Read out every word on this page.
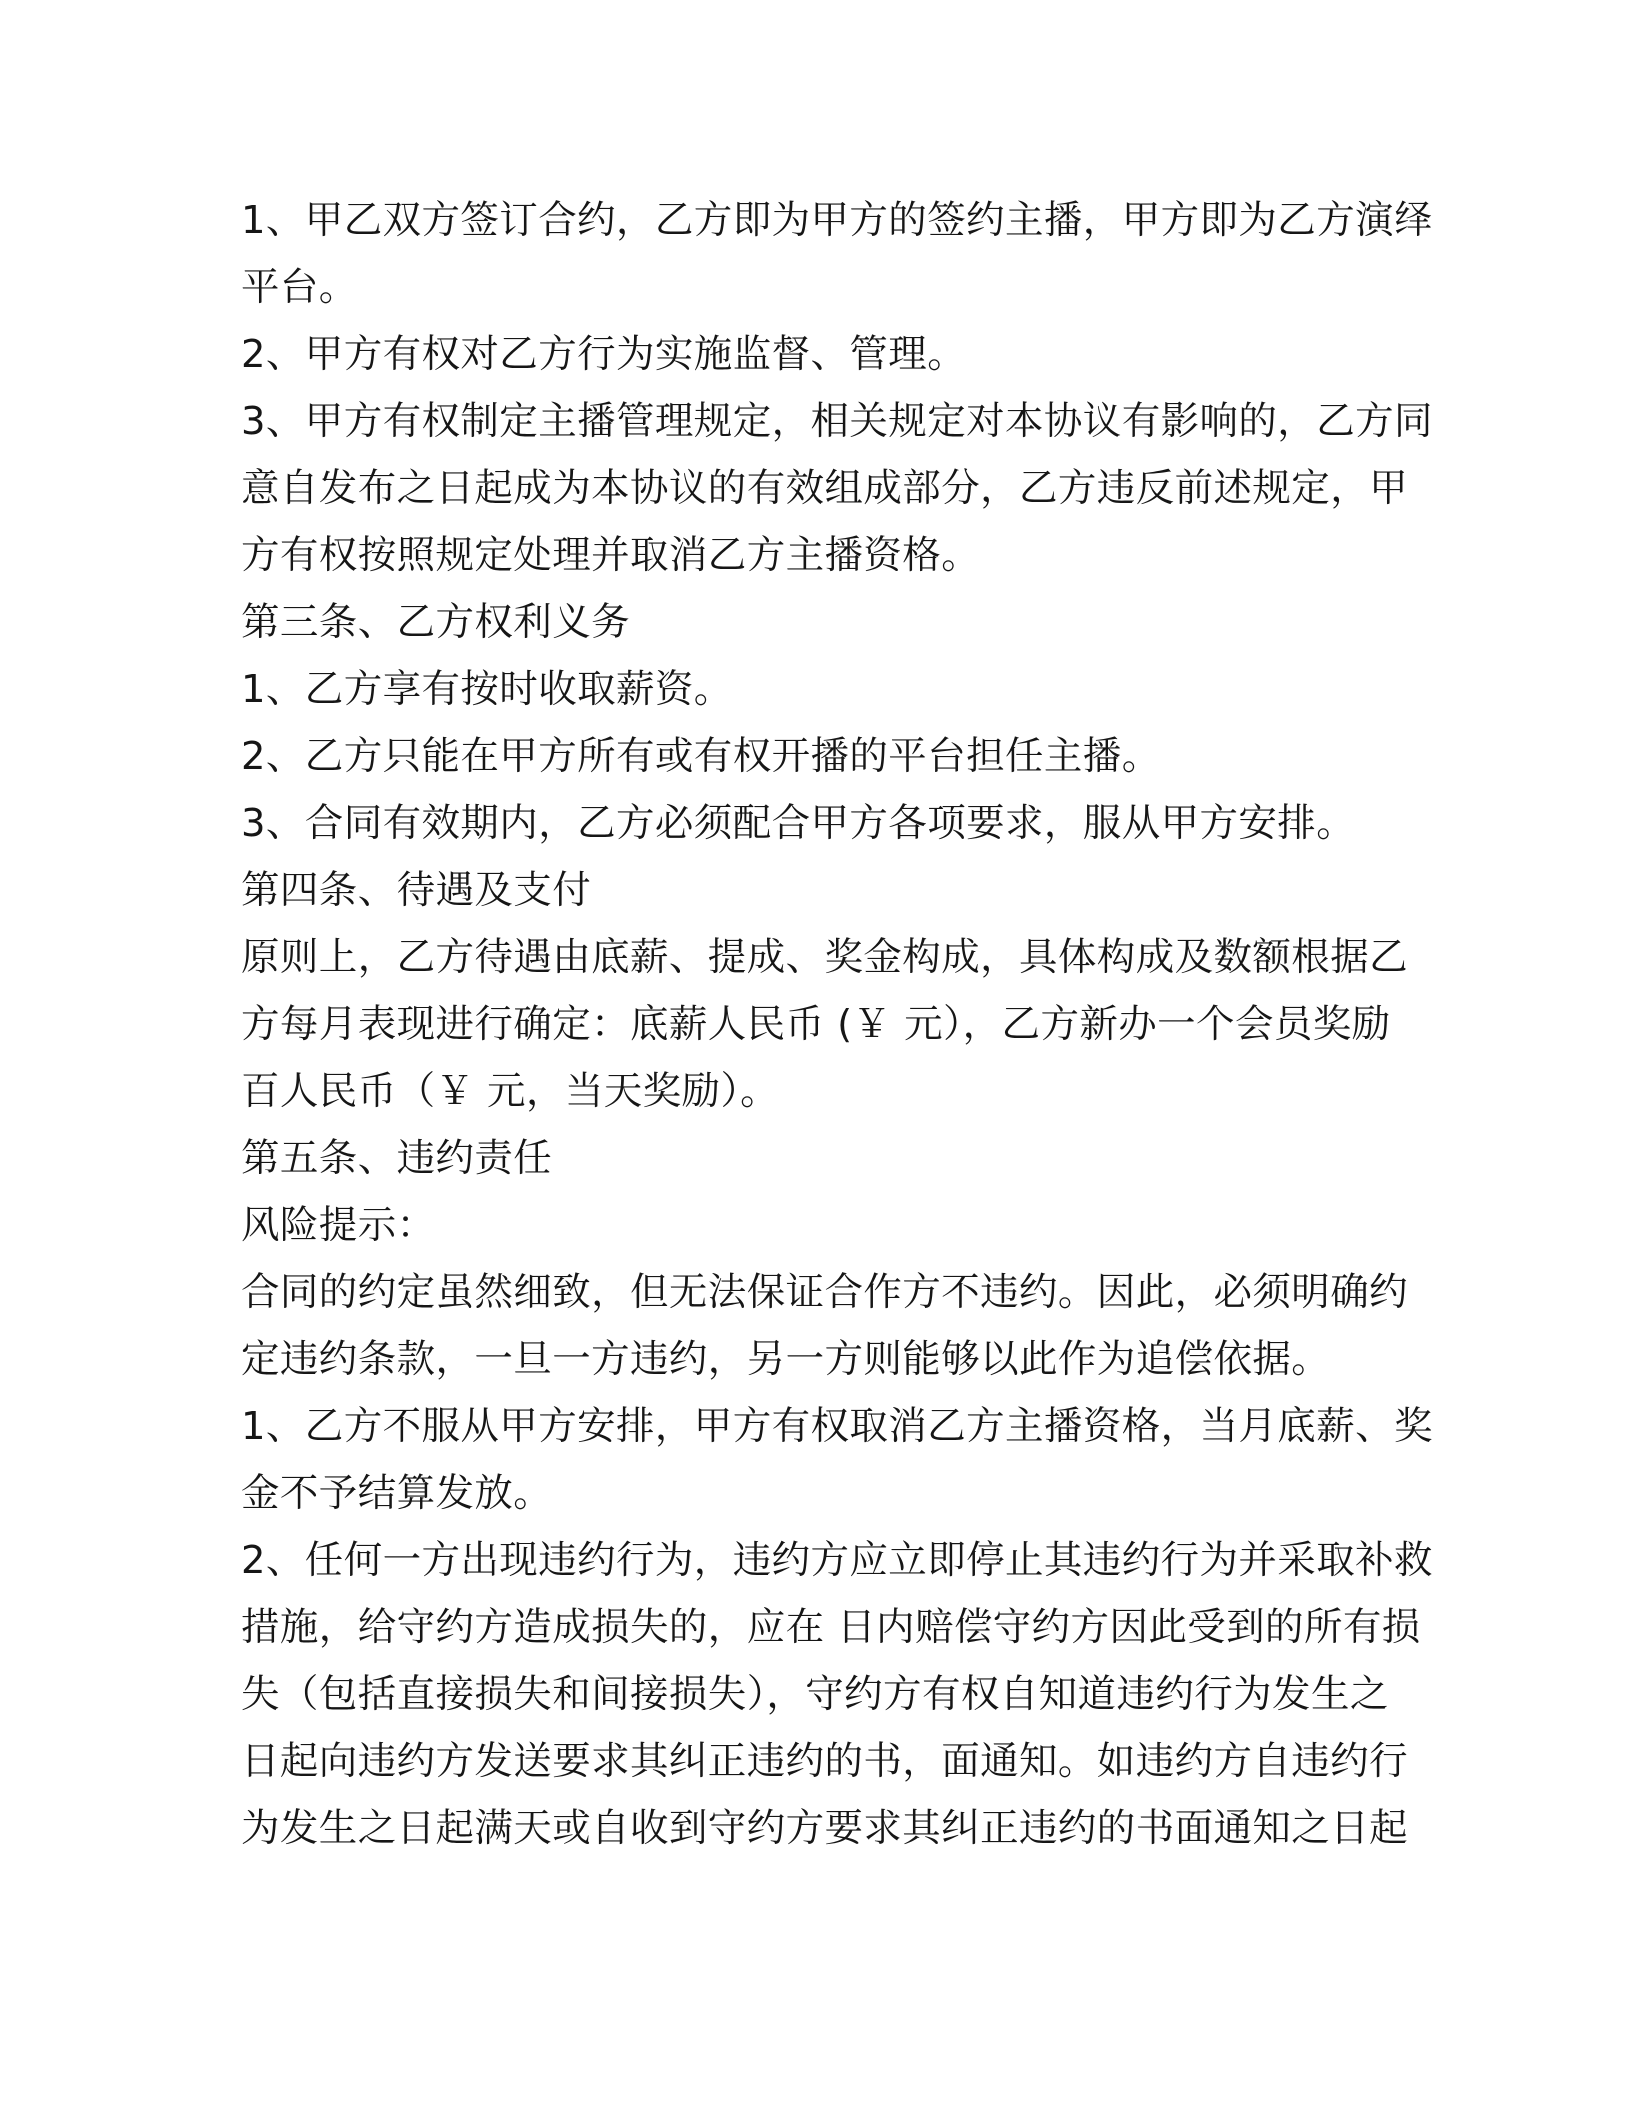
1、甲乙双方签订合约，乙方即为甲方的签约主播，甲方即为乙方演绎
平台。
2、甲方有权对乙方行为实施监督、管理。
3、甲方有权制定主播管理规定，相关规定对本协议有影响的，乙方同
意自发布之日起成为本协议的有效组成部分，乙方违反前述规定，甲
方有权按照规定处理并取消乙方主播资格。
第三条、乙方权利义务
1、乙方享有按时收取薪资。
2、乙方只能在甲方所有或有权开播的平台担任主播。
3、合同有效期内，乙方必须配合甲方各项要求，服从甲方安排。
第四条、待遇及支付
原则上，乙方待遇由底薪、提成、奖金构成，具体构成及数额根据乙
方每月表现进行确定：底薪人民币 (￥ 元），乙方新办一个会员奖励
百人民币（￥ 元，当天奖励）。
第五条、违约责任
风险提示：
合同的约定虽然细致，但无法保证合作方不违约。因此，必须明确约
定违约条款，一旦一方违约，另一方则能够以此作为追偿依据。
1、乙方不服从甲方安排，甲方有权取消乙方主播资格，当月底薪、奖
金不予结算发放。
2、任何一方出现违约行为，违约方应立即停止其违约行为并采取补救
措施，给守约方造成损失的，应在 日内赔偿守约方因此受到的所有损
失（包括直接损失和间接损失），守约方有权自知道违约行为发生之
日起向违约方发送要求其纠正违约的书，面通知。如违约方自违约行
为发生之日起满天或自收到守约方要求其纠正违约的书面通知之日起
